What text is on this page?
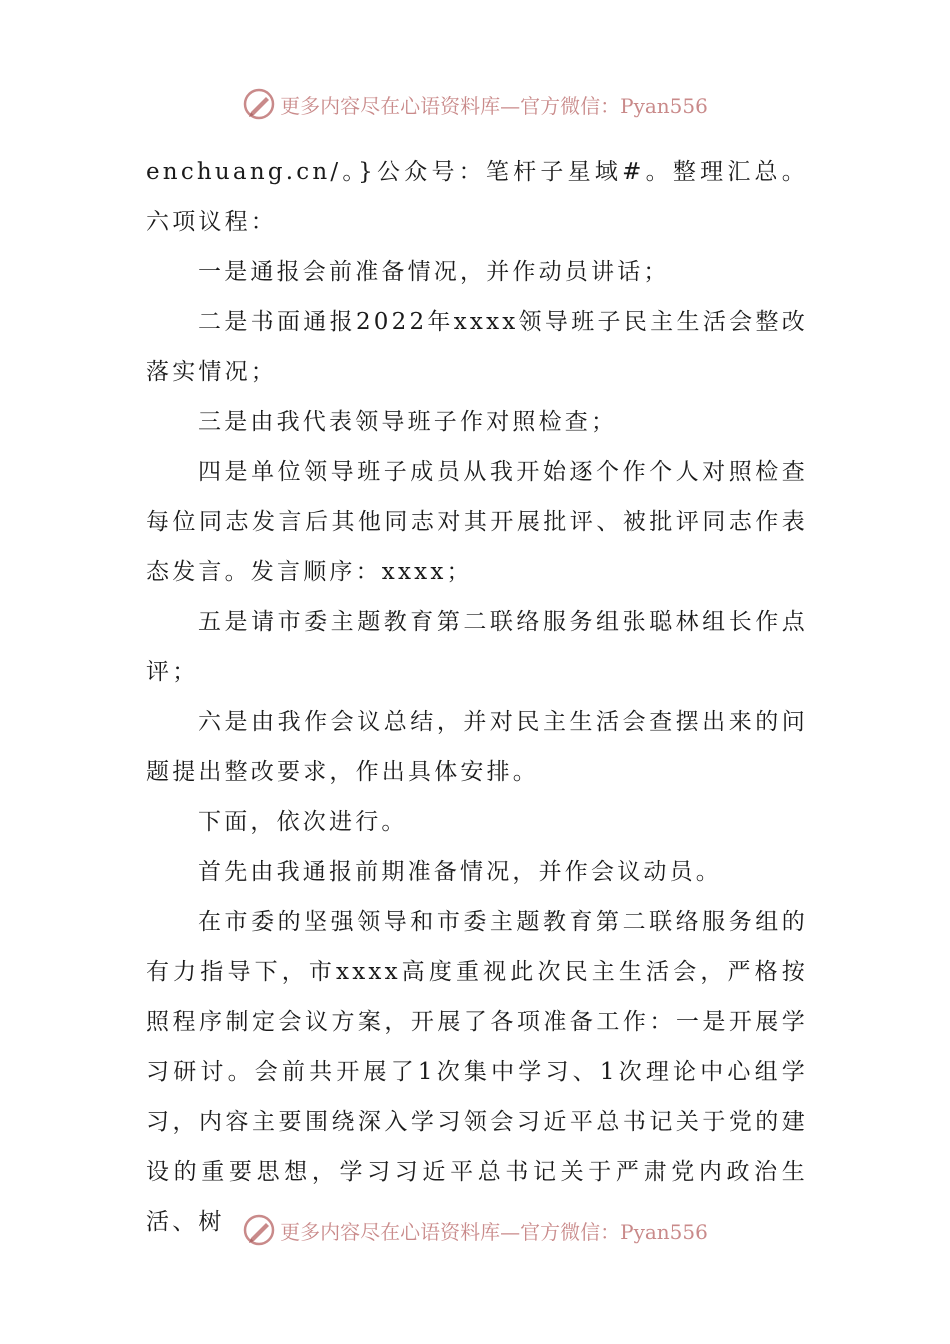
更多内容尽在心语资料库—官方微信：Pyan556

enchuang.cn/。}公众号：笔杆子星域#。整理汇总。六项议程：

一是通报会前准备情况，并作动员讲话；

二是书面通报2022年xxxx领导班子民主生活会整改落实情况；

三是由我代表领导班子作对照检查；

四是单位领导班子成员从我开始逐个作个人对照检查每位同志发言后其他同志对其开展批评、被批评同志作表态发言。发言顺序：xxxx；

五是请市委主题教育第二联络服务组张聪林组长作点评；

六是由我作会议总结，并对民主生活会查摆出来的问题提出整改要求，作出具体安排。

下面，依次进行。

首先由我通报前期准备情况，并作会议动员。

在市委的坚强领导和市委主题教育第二联络服务组的有力指导下，市xxxx高度重视此次民主生活会，严格按照程序制定会议方案，开展了各项准备工作：一是开展学习研讨。会前共开展了1次集中学习、1次理论中心组学习，内容主要围绕深入学习领会习近平总书记关于党的建设的重要思想，学习习近平总书记关于严肃党内政治生活、树	更多内容尽在心语资料库—官方微信：Pyan556
